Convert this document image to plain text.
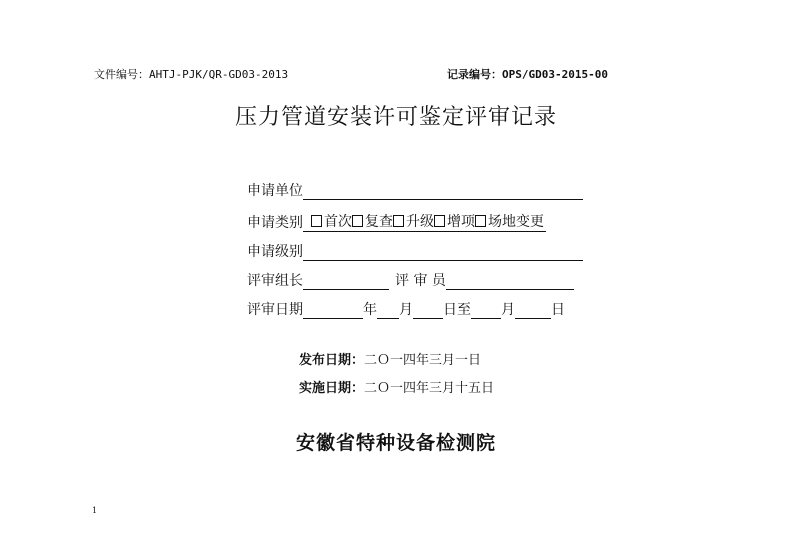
文件编号：AHTJ-PJK/QR-GD03-2013	记录编号：OPS/GD03-2015-00
压力管道安装许可鉴定评审记录
申请单位
申请类别	首次 复查 升级 增项 场地变更
申请级别
评审组长	评 审 员
评审日期	年 月 日至 月	日
发布日期：二Ｏ一四年三月一日
实施日期：二Ｏ一四年三月十五日
安徽省特种设备检测院
1
